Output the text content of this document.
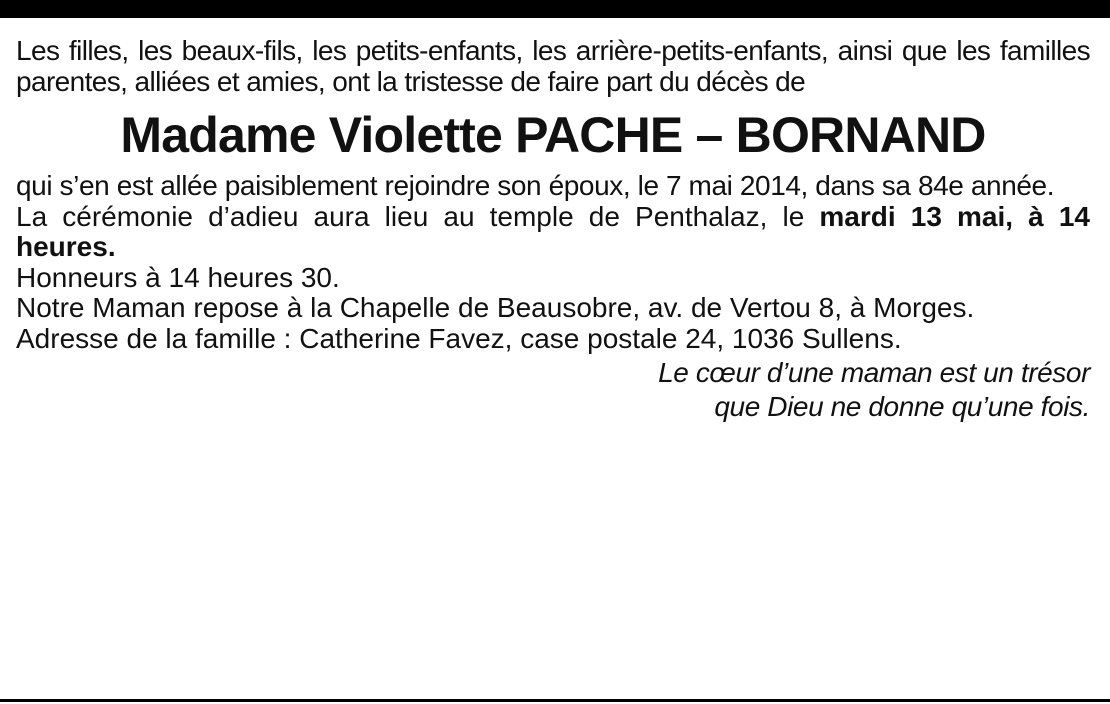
Les filles, les beaux-fils, les petits-enfants, les arrière-petits-enfants, ainsi que les familles parentes, alliées et amies, ont la tristesse de faire part du décès de

Madame Violette PACHE – BORNAND

qui s’en est allée paisiblement rejoindre son époux, le 7 mai 2014, dans sa 84e année.

La cérémonie d’adieu aura lieu au temple de Penthalaz, le mardi 13 mai, à 14 heures.

Honneurs à 14 heures 30.

Notre Maman repose à la Chapelle de Beausobre, av. de Vertou 8, à Morges.

Adresse de la famille : Catherine Favez, case postale 24, 1036 Sullens.

Le cœur d’une maman est un trésor
que Dieu ne donne qu’une fois.
